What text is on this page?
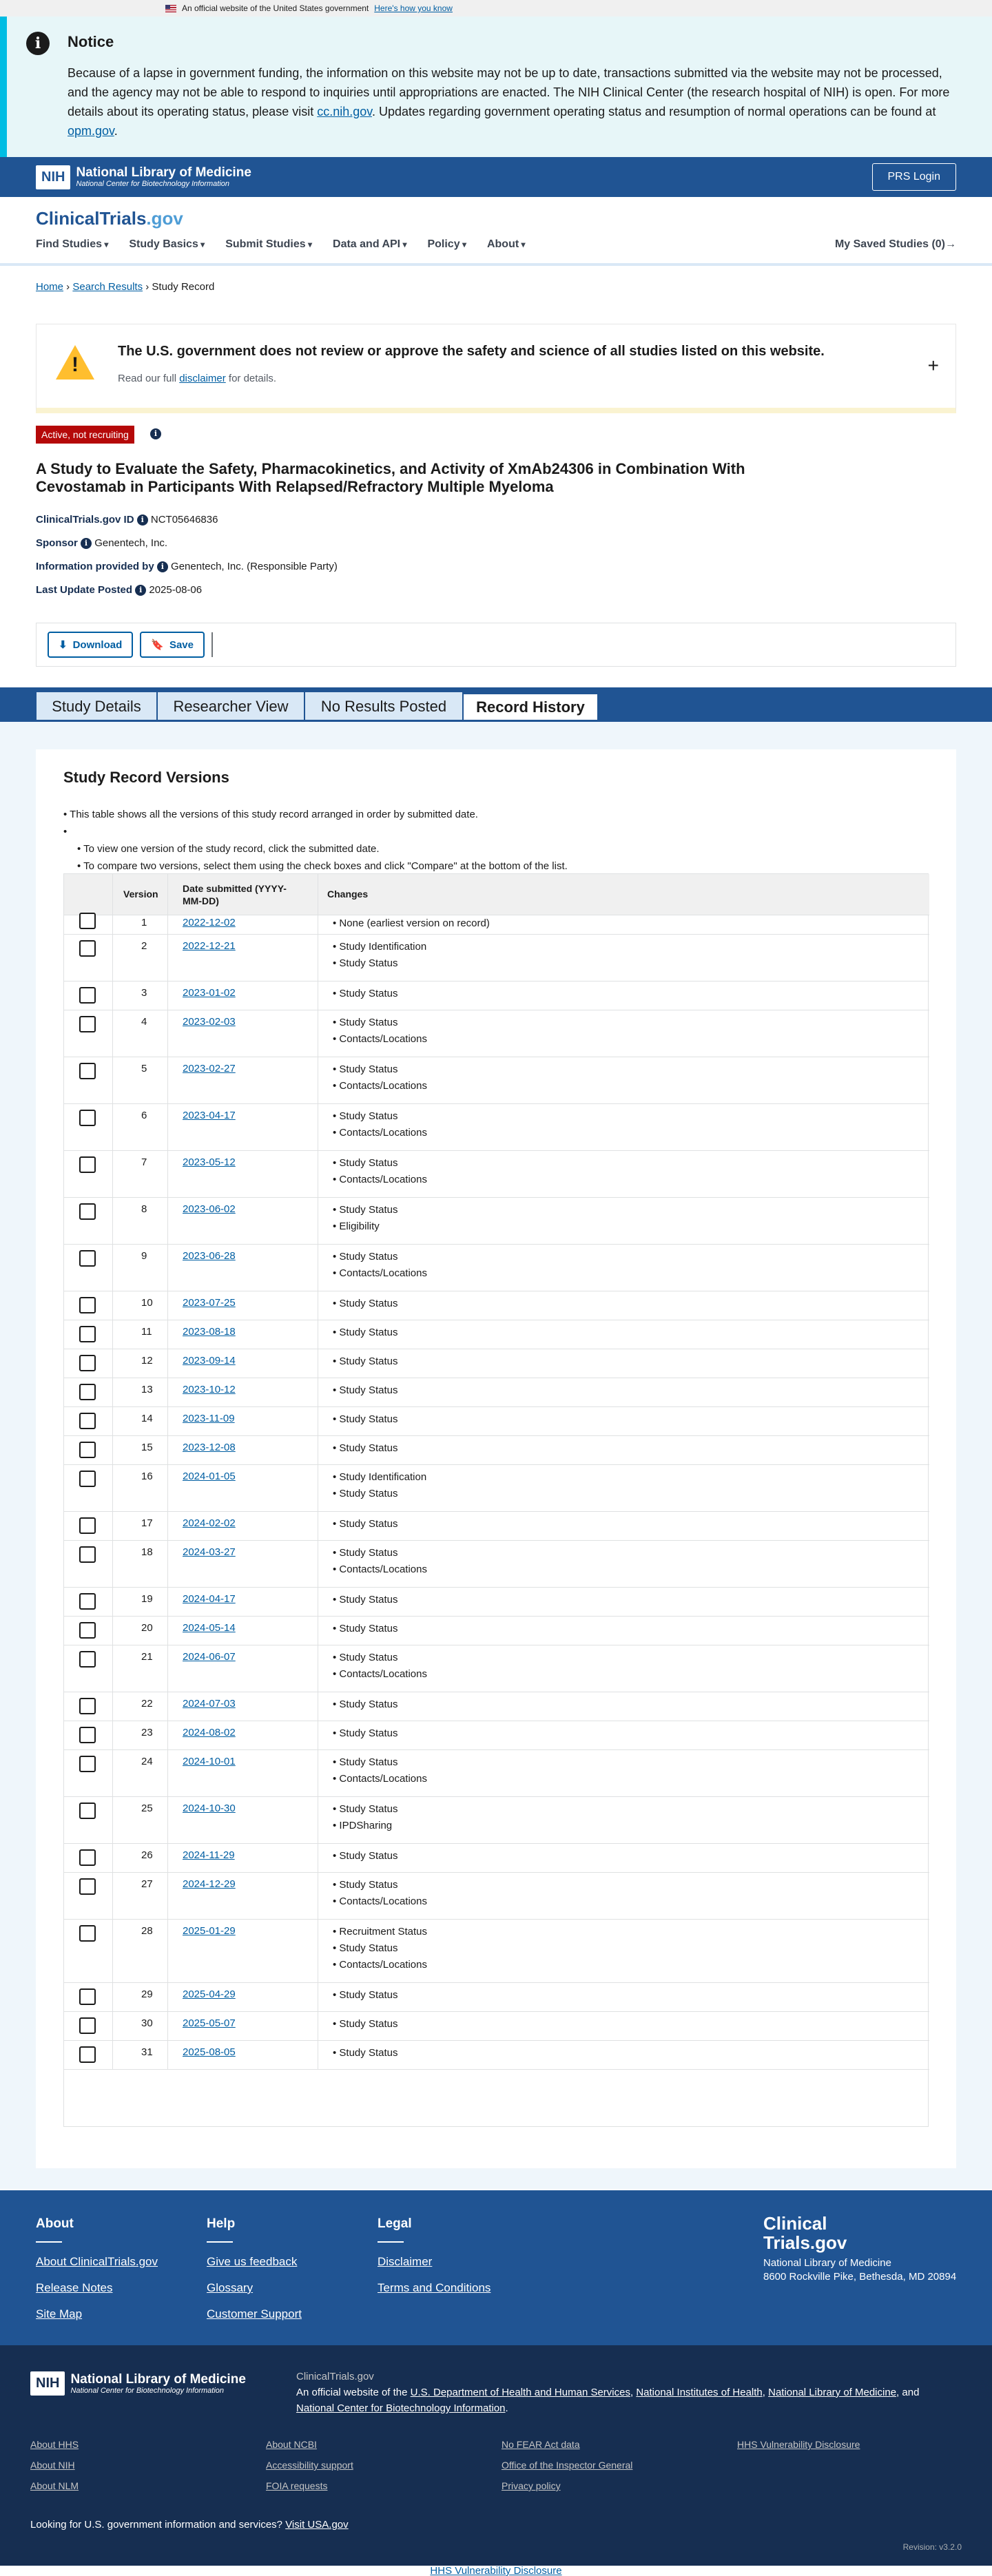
An official website of the United States government Here's how you know
i	Notice

Because of a lapse in government funding, the information on this website may not be up to date, transactions submitted via the website may not be processed, and the agency may not be able to respond to inquiries until appropriations are enacted. The NIH Clinical Center (the research hospital of NIH) is open. For more details about its operating status, please visit cc.nih.gov. Updates regarding government operating status and resumption of normal operations can be found at opm.gov.

NIH National Library of Medicine
National Center for Biotechnology Information
PRS Login
ClinicalTrials.gov
Find Studies ▾	Study Basics ▾	Submit Studies ▾	Data and API ▾	Policy ▾	About ▾	My Saved Studies (0)→
Home › Search Results › Study Record
!
The U.S. government does not review or approve the safety and science of all studies listed on this website.

Read our full disclaimer for details.

+
Active, not recruiting	i
A Study to Evaluate the Safety, Pharmacokinetics, and Activity of XmAb24306 in Combination With Cevostamab in Participants With Relapsed/Refractory Multiple Myeloma
ClinicalTrials.gov ID i NCT05646836
Sponsor i Genentech, Inc.
Information provided by i Genentech, Inc. (Responsible Party)
Last Update Posted i 2025-08-06
⬇ Download	🔖 Save
Study Details	Researcher View	No Results Posted	Record History
Study Record Versions
• This table shows all the versions of this study record arranged in order by submitted date.
• • To view one version of the study record, click the submitted date.
• To compare two versions, select them using the check boxes and click "Compare" at the bottom of the list.
Version	Date submitted (YYYY-MM-DD)
Changes
1	2022-12-02	• None (earliest version on record)
2	2022-12-21	• Study Identification
• Study Status
3	2023-01-02	• Study Status
4	2023-02-03	• Study Status
• Contacts/Locations
5	2023-02-27	• Study Status
• Contacts/Locations
6	2023-04-17	• Study Status
• Contacts/Locations
7	2023-05-12	• Study Status
• Contacts/Locations
8	2023-06-02	• Study Status
• Eligibility
9	2023-06-28	• Study Status
• Contacts/Locations
10	2023-07-25	• Study Status
11	2023-08-18	• Study Status
12	2023-09-14	• Study Status
13	2023-10-12	• Study Status
14	2023-11-09	• Study Status
15	2023-12-08	• Study Status
16	2024-01-05	• Study Identification
• Study Status
17	2024-02-02	• Study Status
18	2024-03-27	• Study Status
• Contacts/Locations
19	2024-04-17	• Study Status
20	2024-05-14	• Study Status
21	2024-06-07	• Study Status
• Contacts/Locations
22	2024-07-03	• Study Status
23	2024-08-02	• Study Status
24	2024-10-01	• Study Status
• Contacts/Locations
25	2024-10-30	• Study Status
• IPDSharing
26	2024-11-29	• Study Status
27	2024-12-29	• Study Status
• Contacts/Locations
28	2025-01-29	• Recruitment Status
• Study Status
• Contacts/Locations
29	2025-04-29	• Study Status
30	2025-05-07	• Study Status
31	2025-08-05	• Study Status
About
About ClinicalTrials.gov
Release Notes
Site Map
Help
Give us feedback
Glossary
Customer Support
Legal
Disclaimer
Terms and Conditions
Clinical
Trials.gov

National Library of Medicine
8600 Rockville Pike, Bethesda, MD 20894

NIH National Library of Medicine
National Center for Biotechnology Information
ClinicalTrials.gov
An official website of the U.S. Department of Health and Human Services, National Institutes of Health, National Library of Medicine, and National Center for Biotechnology Information.
About HHS
About NIH
About NLM
About NCBI
Accessibility support
FOIA requests
No FEAR Act data
Office of the Inspector General
Privacy policy
HHS Vulnerability Disclosure
Looking for U.S. government information and services? Visit USA.gov
Revision: v3.2.0
HHS Vulnerability Disclosure
